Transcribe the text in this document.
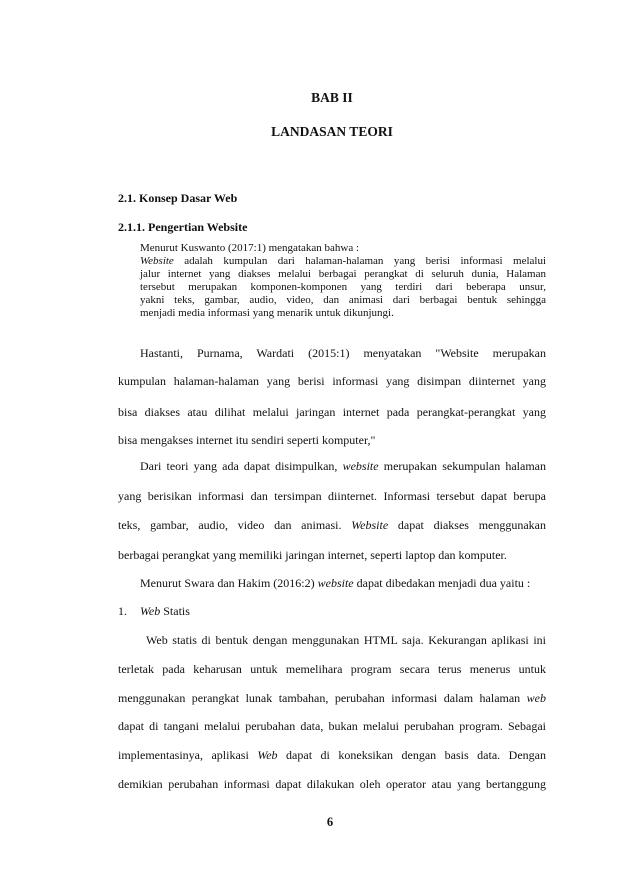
BAB II
LANDASAN TEORI
2.1. Konsep Dasar Web
2.1.1. Pengertian Website
Menurut Kuswanto (2017:1) mengatakan bahwa :
Website adalah kumpulan dari halaman-halaman yang berisi informasi melalui
jalur internet yang diakses melalui berbagai perangkat di seluruh dunia, Halaman
tersebut merupakan komponen-komponen yang terdiri dari beberapa unsur,
yakni teks, gambar, audio, video, dan animasi dari berbagai bentuk sehingga
menjadi media informasi yang menarik untuk dikunjungi.
Hastanti, Purnama, Wardati (2015:1) menyatakan "Website merupakan
kumpulan halaman-halaman yang berisi informasi yang disimpan diinternet yang
bisa diakses atau dilihat melalui jaringan internet pada perangkat-perangkat yang
bisa mengakses internet itu sendiri seperti komputer,"
Dari teori yang ada dapat disimpulkan, website merupakan sekumpulan halaman
yang berisikan informasi dan tersimpan diinternet. Informasi tersebut dapat berupa
teks, gambar, audio, video dan animasi. Website dapat diakses menggunakan
berbagai perangkat yang memiliki jaringan internet, seperti laptop dan komputer.
Menurut Swara dan Hakim (2016:2) website dapat dibedakan menjadi dua yaitu :
1. Web Statis
Web statis di bentuk dengan menggunakan HTML saja. Kekurangan aplikasi ini
terletak pada keharusan untuk memelihara program secara terus menerus untuk
menggunakan perangkat lunak tambahan, perubahan informasi dalam halaman web
dapat di tangani melalui perubahan data, bukan melalui perubahan program. Sebagai
implementasinya, aplikasi Web dapat di koneksikan dengan basis data. Dengan
demikian perubahan informasi dapat dilakukan oleh operator atau yang bertanggung
6
